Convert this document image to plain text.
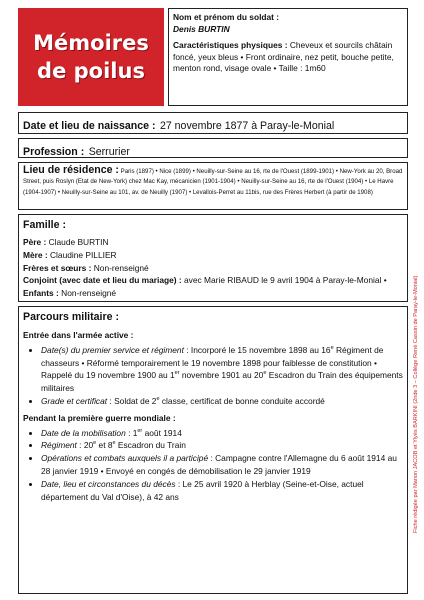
Mémoires
de poilus
Nom et prénom du soldat :
Denis BURTIN
Caractéristiques physiques : Cheveux et sourcils châtain foncé, yeux bleus • Front ordinaire, nez petit, bouche petite, menton rond, visage ovale • Taille : 1m60
Date et lieu de naissance : 27 novembre 1877 à Paray-le-Monial
Profession : Serrurier
Lieu de résidence : Paris (1897) • Nice (1899) • Neuilly-sur-Seine au 16, rte de l'Ouest (1899-1901) • New-York au 20, Broad Street, puis Roslyn (Etat de New-York) chez Mac Kay, mécanicien (1901-1904) • Neuilly-sur-Seine au 16, rte de l'Ouest (1904) • Le Havre (1904-1907) • Neuilly-sur-Seine au 101, av. de Neuilly (1907) • Levallois-Perret au 11bis, rue des Frères Herbert (à partir de 1908)
Famille :
Père : Claude BURTIN
Mère : Claudine PILLIER
Frères et sœurs : Non-renseigné
Conjoint (avec date et lieu du mariage) : avec Marie RIBAUD le 9 avril 1904 à Paray-le-Monial • Enfants : Non-renseigné
Parcours militaire :
Entrée dans l'armée active :
• Date(s) du premier service et régiment : Incorporé le 15 novembre 1898 au 16e Régiment de chasseurs • Réformé temporairement le 19 novembre 1898 pour faiblesse de constitution • Rappelé du 19 novembre 1900 au 1er novembre 1901 au 20e Escadron du Train des équipements militaires
• Grade et certificat : Soldat de 2e classe, certificat de bonne conduite accordé
Pendant la première guerre mondiale :
• Date de la mobilisation : 1er août 1914
• Régiment : 20e et 8e Escadron du Train
• Opérations et combats auxquels il a participé : Campagne contre l'Allemagne du 6 août 1914 au 28 janvier 1919 • Envoyé en congés de démobilisation le 29 janvier 1919
• Date, lieu et circonstances du décès : Le 25 avril 1920 à Herblay (Seine-et-Oise, actuel département du Val d'Oise), à 42 ans	Fiche rédigée par Manon JACOB et Ylyès BARKINI (2nde 3 – Collège René Cassin de Paray-le-Monial)
